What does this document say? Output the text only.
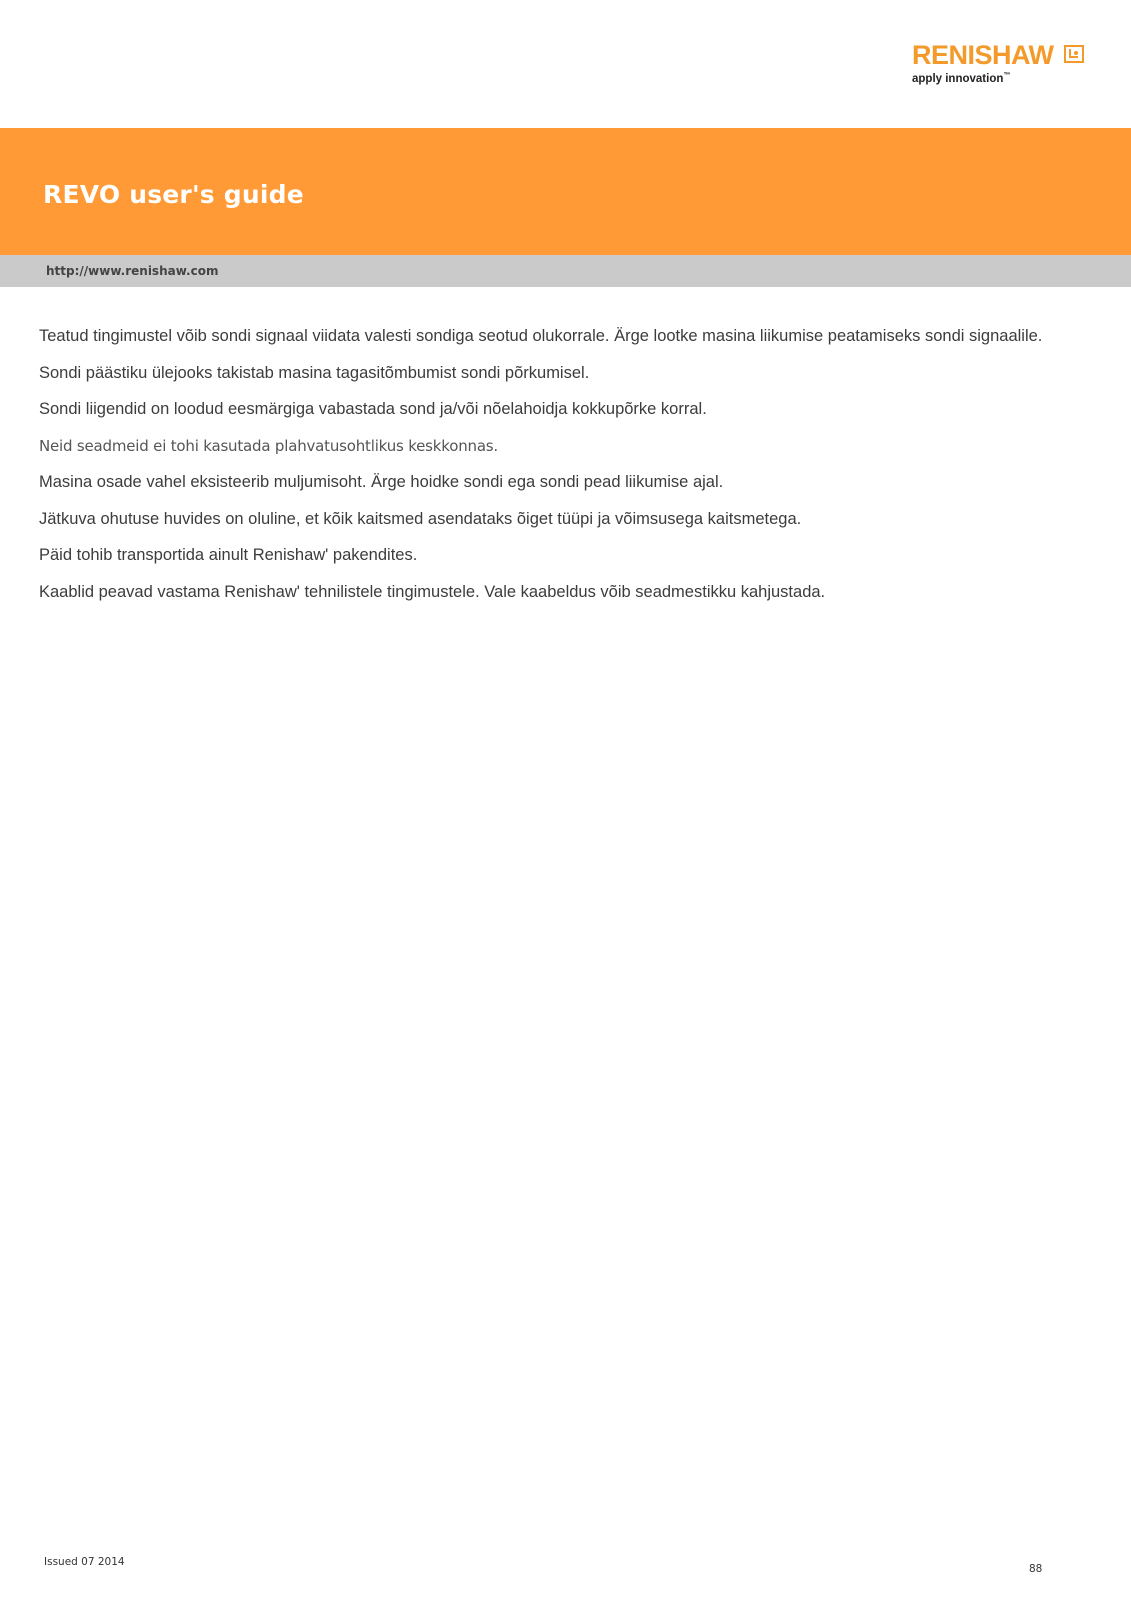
RENISHAW
apply innovation™
REVO user's guide
http://www.renishaw.com

Teatud tingimustel võib sondi signaal viidata valesti sondiga seotud olukorrale. Ärge lootke masina liikumise peatamiseks sondi signaalile.

Sondi päästiku ülejooks takistab masina tagasitõmbumist sondi põrkumisel.

Sondi liigendid on loodud eesmärgiga vabastada sond ja/või nõelahoidja kokkupõrke korral.

Neid seadmeid ei tohi kasutada plahvatusohtlikus keskkonnas.

Masina osade vahel eksisteerib muljumisoht. Ärge hoidke sondi ega sondi pead liikumise ajal.

Jätkuva ohutuse huvides on oluline, et kõik kaitsmed asendataks õiget tüüpi ja võimsusega kaitsmetega.

Päid tohib transportida ainult Renishaw' pakendites.

Kaablid peavad vastama Renishaw' tehnilistele tingimustele. Vale kaabeldus võib seadmestikku kahjustada.

Issued 07 2014
88
